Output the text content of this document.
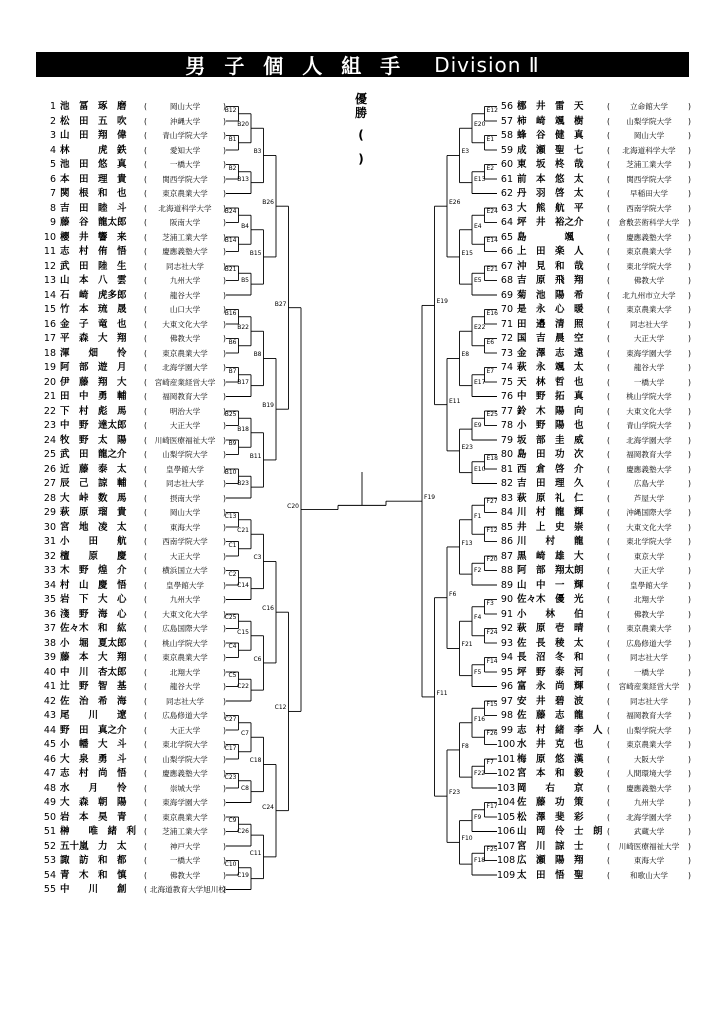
男 子 個 人 組 手 Division Ⅱ
優勝
(
)
1 池　冨　琢　磨	( 岡山大学 )
2 松　田　五　吹	( 沖縄大学 )
3 山　田　翔　偉	( 青山学院大学 )
4 林　　　虎　鉄	( 愛知大学 )
5 池　田　悠　真	( 一橋大学 )
6 本　田　理　貴	( 関西学院大学 )
7 関　根　和　也	( 東京農業大学 )
8 吉　田　睦　斗	( 北海道科学大学 )
9 藤　谷　龍太郎	( 阪南大学 )
10 櫻　井　響　来	( 芝浦工業大学 )
11 志　村　侑　悟	( 慶應義塾大学 )
12 武　田　陸　生	( 同志社大学 )
13 山　本　八　雲	( 九州大学 )
14 石　崎　虎多郎	( 龍谷大学 )
15 竹　本　琉　晟	( 山口大学 )
16 金　子　竜　也	( 大東文化大学 )
17 平　森　大　翔	( 佛教大学 )
18 渾　　畑　　怜	( 東京農業大学 )
19 阿　部　遊　月	( 北海学園大学 )
20 伊　藤　翔　大	( 宮崎産業経営大学 )
21 田　中　勇　輔	( 福岡教育大学 )
22 下　村　彪　馬	( 明治大学 )
23 中　野　達太郎	( 大正大学 )
24 牧　野　太　陽	( 川崎医療福祉大学 )
25 武　田　龍之介	( 山梨学院大学 )
26 近　藤　泰　太	( 皇學館大学 )
27 辰　己　諒　輔	( 同志社大学 )
28 大　峠　数　馬	( 摂南大学 )
29 萩　原　瑠　貴	( 岡山大学 )
30 宮　地　凌　太	( 東海大学 )
31 小　　田　　航	( 西南学院大学 )
32 檀　　原　　慶	( 大正大学 )
33 木　野　煌　介	( 横浜国立大学 )
34 村　山　慶　悟	( 皇學館大学 )
35 岩　下　大　心	( 九州大学 )
36 淺　野　海　心	( 大東文化大学 )
37 佐々木　和　紘	( 広島国際大学 )
38 小　堀　夏太郎	( 桃山学院大学 )
39 藤　本　大　翔	( 東京農業大学 )
40 中　川　杏太郎	( 北翔大学 )
41 辻　野　智　基	( 龍谷大学 )
42 佐　治　希　海	( 同志社大学 )
43 尾　　川　　遼	( 広島修道大学 )
44 野　田　真之介	( 大正大学 )
45 小　幡　大　斗	( 東北学院大学 )
46 大　泉　勇　斗	( 山梨学院大学 )
47 志　村　尚　悟	( 慶應義塾大学 )
48 水　　月　　怜	( 崇城大学 )
49 大　森　朝　陽	( 東海学園大学 )
50 岩　本　昊　青	( 東京農業大学 )
51 榊　　唯　緒　利	( 芝浦工業大学 )
52 五十嵐　力　太	( 神戸大学 )
53 諏　訪　和　都	( 一橋大学 )
54 青　木　和　慎	( 佛教大学 )
55 中　　川　　創	( 北海道教育大学旭川校 )
56 梛　井　雷　天	( 立命館大学 )
57 柿　崎　颯　樹	( 山梨学院大学 )
58 蜂　谷　健　真	( 岡山大学 )
59 成　瀬　聖　七	( 北海道科学大学 )
60 東　坂　柊　哉	( 芝浦工業大学 )
61 前　本　悠　太	( 関西学院大学 )
62 丹　羽　啓　太	( 早稲田大学 )
63 大　熊　航　平	( 西南学院大学 )
64 坪　井　裕之介	( 倉敷芸術科学大学 )
65 島　　　　颯	( 慶應義塾大学 )
66 上　田　楽　人	( 東京農業大学 )
67 沖　見　和　哉	( 東北学院大学 )
68 吉　原　飛　翔	( 佛教大学 )
69 菊　池　陽　希	( 北九州市立大学 )
70 是　永　心　暖	( 東京農業大学 )
71 田　邉　清　照	( 同志社大学 )
72 国　吉　晨　空	( 大正大学 )
73 金　澤　志　遠	( 東海学園大学 )
74 萩　永　颯　太	( 龍谷大学 )
75 天　林　哲　也	( 一橋大学 )
76 中　野　拓　真	( 桃山学院大学 )
77 鈴　木　陽　向	( 大東文化大学 )
78 小　野　陽　也	( 青山学院大学 )
79 坂　部　圭　威	( 北海学園大学 )
80 島　田　功　次	( 福岡教育大学 )
81 西　倉　啓　介	( 慶應義塾大学 )
82 吉　田　理　久	( 広島大学 )
83 萩　原　礼　仁	( 芦屋大学 )
84 川　村　龍　輝	( 沖縄国際大学 )
85 井　上　史　崇	( 大東文化大学 )
86 川　　村　　龍	( 東北学院大学 )
87 黒　崎　雄　大	( 東京大学 )
88 阿　部　翔太朗	( 大正大学 )
89 山　中　一　輝	( 皇學館大学 )
90 佐々木　優　光	( 北翔大学 )
91 小　　林　　伯	( 佛教大学 )
92 萩　原　壱　晴	( 東京農業大学 )
93 佐　長　稜　太	( 広島修道大学 )
94 長　沼　冬　和	( 同志社大学 )
95 坪　野　泰　河	( 一橋大学 )
96 富　永　尚　輝	( 宮崎産業経営大学 )
97 安　井　碧　波	( 同志社大学 )
98 佐　藤　志　龍	( 福岡教育大学 )
99 志　村　緒　李　人	( 山梨学院大学 )
100 水　井　克　也	( 東京農業大学 )
101 梅　原　悠　漢	( 大阪大学 )
102 宮　本　和　毅	( 人間環境大学 )
103 岡　　右　　京	( 慶應義塾大学 )
104 佐　藤　功　策	( 九州大学 )
105 松　澤　斐　彩	( 北海学園大学 )
106 山　岡　伶　士　朗	( 武蔵大学 )
107 宮　川　諒　士	( 川崎医療福祉大学 )
108 広　瀬　陽　翔	( 東海大学 )
109 太　田　悟　聖	( 和歌山大学 )
B12
B1
B20
B2
B13
B3
B24
B14
B4
B21
B5
B15
B26
B16
B6
B22
B7
B17
B8
B25
B9
B18
B10
B23
B11
B19
B27
C13
C1
C21
C2
C14
C3
C25
C4
C15
C5
C22
C6
C16
C27
C17
C7
C23
C8
C18
C9
C26
C10
C19
C11
C24
C12
C20
E12
E1
E20
E2
E13
E3
E24
E14
E4
E21
E5
E15
E26
E16
E6
E22
E7
E17
E8
E25
E9
E18
E10
E23
E11
E19
F27
F12
F1
F20
F2
F13
F3
F24
F4
F14
F5
F21
F6
F15
F26
F16
F7
F22
F8
F17
F9
F25
F18
F10
F23
F11
F19
